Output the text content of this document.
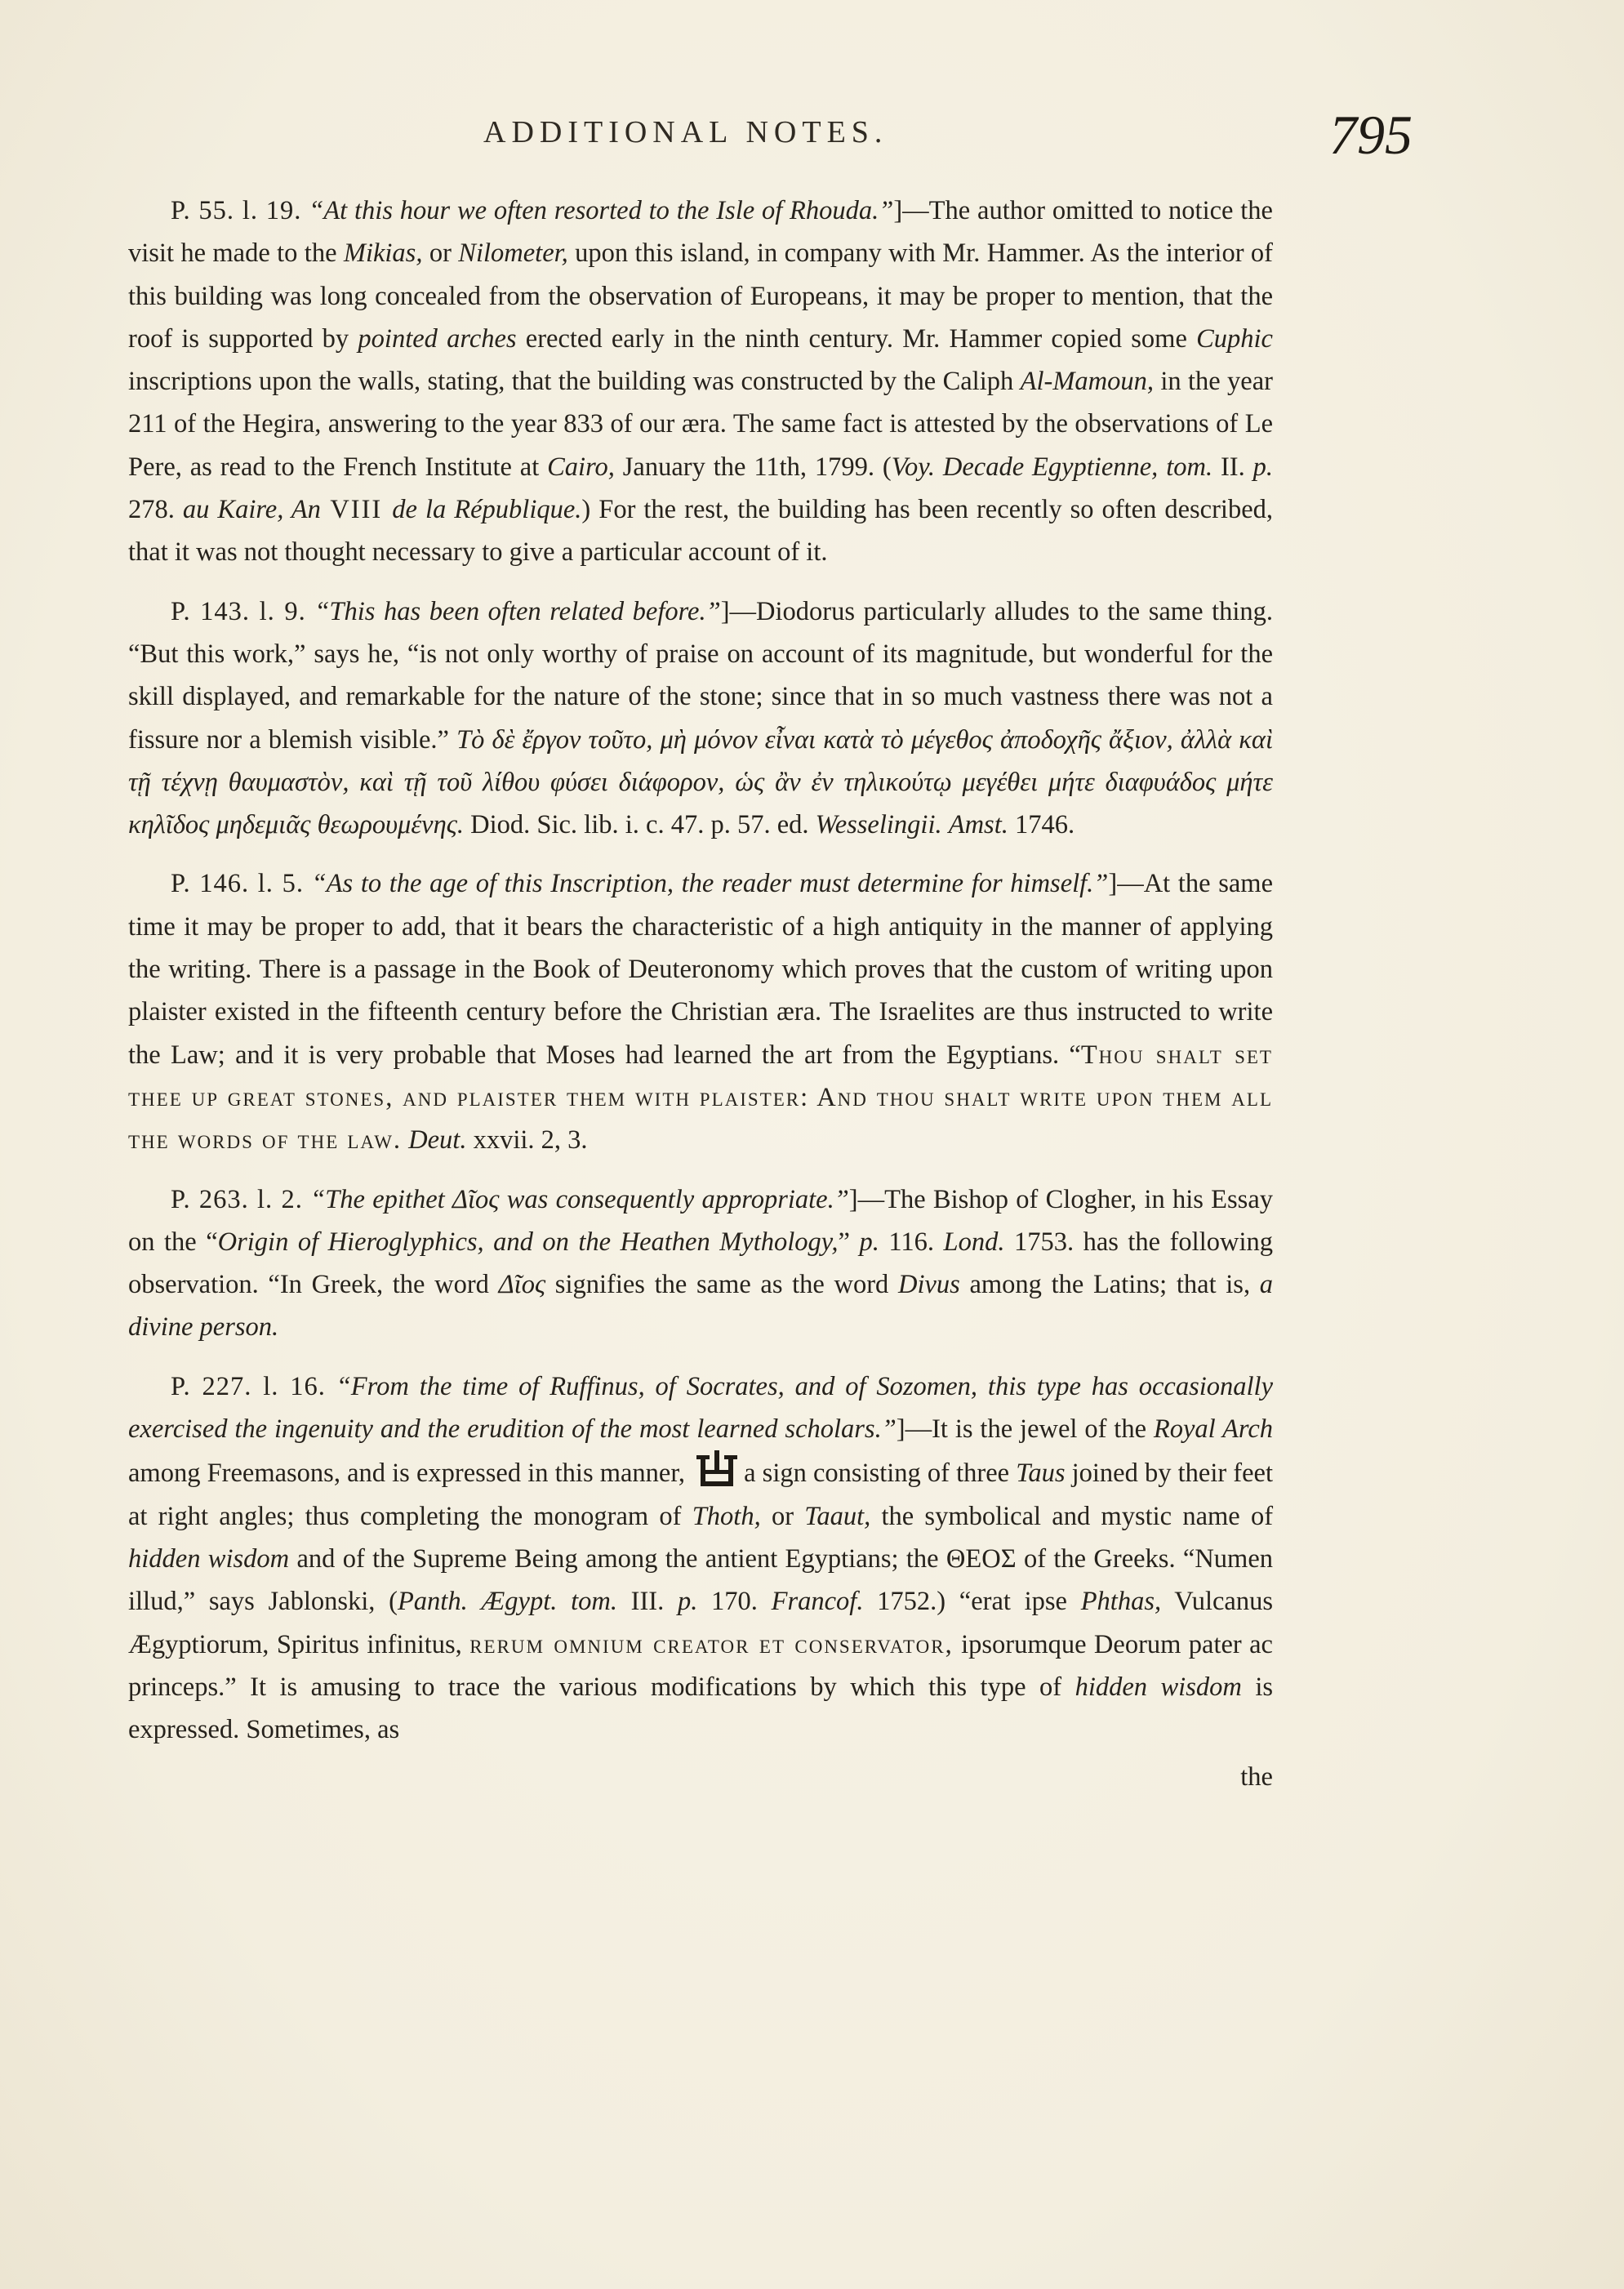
ADDITIONAL NOTES.	795

P. 55. l. 19. “At this hour we often resorted to the Isle of Rhouda.”]—The author omitted to notice the visit he made to the Mikias, or Nilometer, upon this island, in company with Mr. Hammer. As the interior of this building was long concealed from the observation of Europeans, it may be proper to mention, that the roof is supported by pointed arches erected early in the ninth century. Mr. Hammer copied some Cuphic inscriptions upon the walls, stating, that the building was constructed by the Caliph Al-Mamoun, in the year 211 of the Hegira, answering to the year 833 of our æra. The same fact is attested by the observations of Le Pere, as read to the French Institute at Cairo, January the 11th, 1799. (Voy. Decade Egyptienne, tom. II. p. 278. au Kaire, An VIII de la République.) For the rest, the building has been recently so often described, that it was not thought necessary to give a particular account of it.

P. 143. l. 9. “This has been often related before.”]—Diodorus particularly alludes to the same thing. “But this work,” says he, “is not only worthy of praise on account of its magnitude, but wonderful for the skill displayed, and remarkable for the nature of the stone; since that in so much vastness there was not a fissure nor a blemish visible.” Τὸ δὲ ἔργον τοῦτο, μὴ μόνον εἶναι κατὰ τὸ μέγεθος ἀποδοχῆς ἄξιον, ἀλλὰ καὶ τῇ τέχνῃ θαυμαστὸν, καὶ τῇ τοῦ λίθου φύσει διάφορον, ὡς ἂν ἐν τηλικούτῳ μεγέθει μήτε διαφυάδος μήτε κηλῖδος μηδεμιᾶς θεωρουμένης. Diod. Sic. lib. i. c. 47. p. 57. ed. Wesselingii. Amst. 1746.

P. 146. l. 5. “As to the age of this Inscription, the reader must determine for himself.”]—At the same time it may be proper to add, that it bears the characteristic of a high antiquity in the manner of applying the writing. There is a passage in the Book of Deuteronomy which proves that the custom of writing upon plaister existed in the fifteenth century before the Christian æra. The Israelites are thus instructed to write the Law; and it is very probable that Moses had learned the art from the Egyptians. “Thou shalt set thee up great stones, and plaister them with plaister: And thou shalt write upon them all the words of the law. Deut. xxvii. 2, 3.

P. 263. l. 2. “The epithet Δῖος was consequently appropriate.”]—The Bishop of Clogher, in his Essay on the “Origin of Hieroglyphics, and on the Heathen Mythology,” p. 116. Lond. 1753. has the following observation. “In Greek, the word Δῖος signifies the same as the word Divus among the Latins; that is, a divine person.

P. 227. l. 16. “From the time of Ruffinus, of Socrates, and of Sozomen, this type has occasionally exercised the ingenuity and the erudition of the most learned scholars.”]—It is the jewel of the Royal Arch among Freemasons, and is expressed in this manner,
a sign consisting of three Taus joined by their feet at right angles; thus completing the monogram of Thoth, or Taaut, the symbolical and mystic name of hidden wisdom and of the Supreme Being among the antient Egyptians; the ΘΕΟΣ of the Greeks. “Numen illud,” says Jablonski, (Panth. Ægypt. tom. III. p. 170. Francof. 1752.) “erat ipse Phthas, Vulcanus Ægyptiorum, Spiritus infinitus, rerum omnium creator et conservator, ipsorumque Deorum pater ac princeps.” It is amusing to trace the various modifications by which this type of hidden wisdom is expressed. Sometimes, as

the
